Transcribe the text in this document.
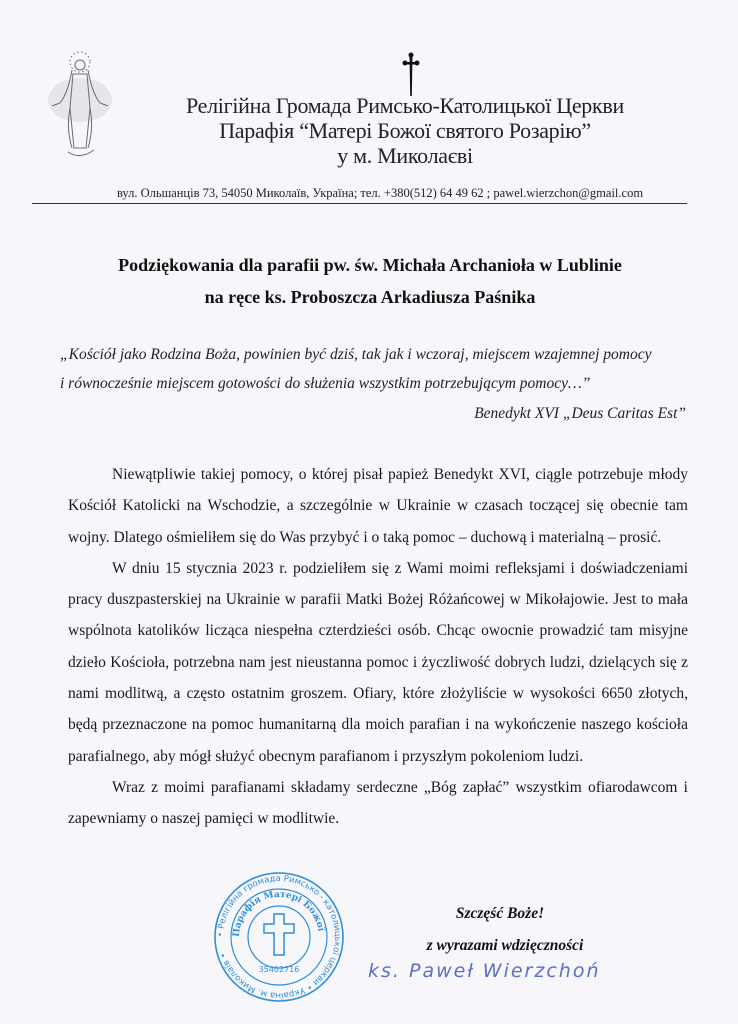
Релігійна Громада Римсько-Католицької Церкви
Парафія “Матері Божої святого Розарію”
у м. Миколаєві
вул. Ольшанців 73, 54050 Миколаїв, Україна; тел. +380(512) 64 49 62 ; pawel.wierzchon@gmail.com
Podziękowania dla parafii pw. św. Michała Archanioła w Lublinie
na ręce ks. Proboszcza Arkadiusza Paśnika
„Kościół jako Rodzina Boża, powinien być dziś, tak jak i wczoraj, miejscem wzajemnej pomocy
i równocześnie miejscem gotowości do służenia wszystkim potrzebującym pomocy…”
Benedykt XVI „Deus Caritas Est”

Niewątpliwie takiej pomocy, o której pisał papież Benedykt XVI, ciągle potrzebuje młody Kościół Katolicki na Wschodzie, a szczególnie w Ukrainie w czasach toczącej się obecnie tam wojny. Dlatego ośmieliłem się do Was przybyć i o taką pomoc – duchową i materialną – prosić.

W dniu 15 stycznia 2023 r. podzieliłem się z Wami moimi refleksjami i doświadczeniami pracy duszpasterskiej na Ukrainie w parafii Matki Bożej Różańcowej w Mikołajowie. Jest to mała wspólnota katolików licząca niespełna czterdzieści osób. Chcąc owocnie prowadzić tam misyjne dzieło Kościoła, potrzebna nam jest nieustanna pomoc i życzliwość dobrych ludzi, dzielących się z nami modlitwą, a często ostatnim groszem. Ofiary, które złożyliście w wysokości 6650 złotych, będą przeznaczone na pomoc humanitarną dla moich parafian i na wykończenie naszego kościoła parafialnego, aby mógł służyć obecnym parafianom i przyszłym pokoleniom ludzi.

Wraz z moimi parafianami składamy serdeczne „Bóg zapłać” wszystkim ofiarodawcom i zapewniamy o naszej pamięci w modlitwie.

• Релігійна громада Римсько - католицької церкви • Україна м. Миколаїв •
Парафія Матері Божої
35402716
Szczęść Boże!
z wyrazami wdzięczności
ks. Paweł Wierzchoń
